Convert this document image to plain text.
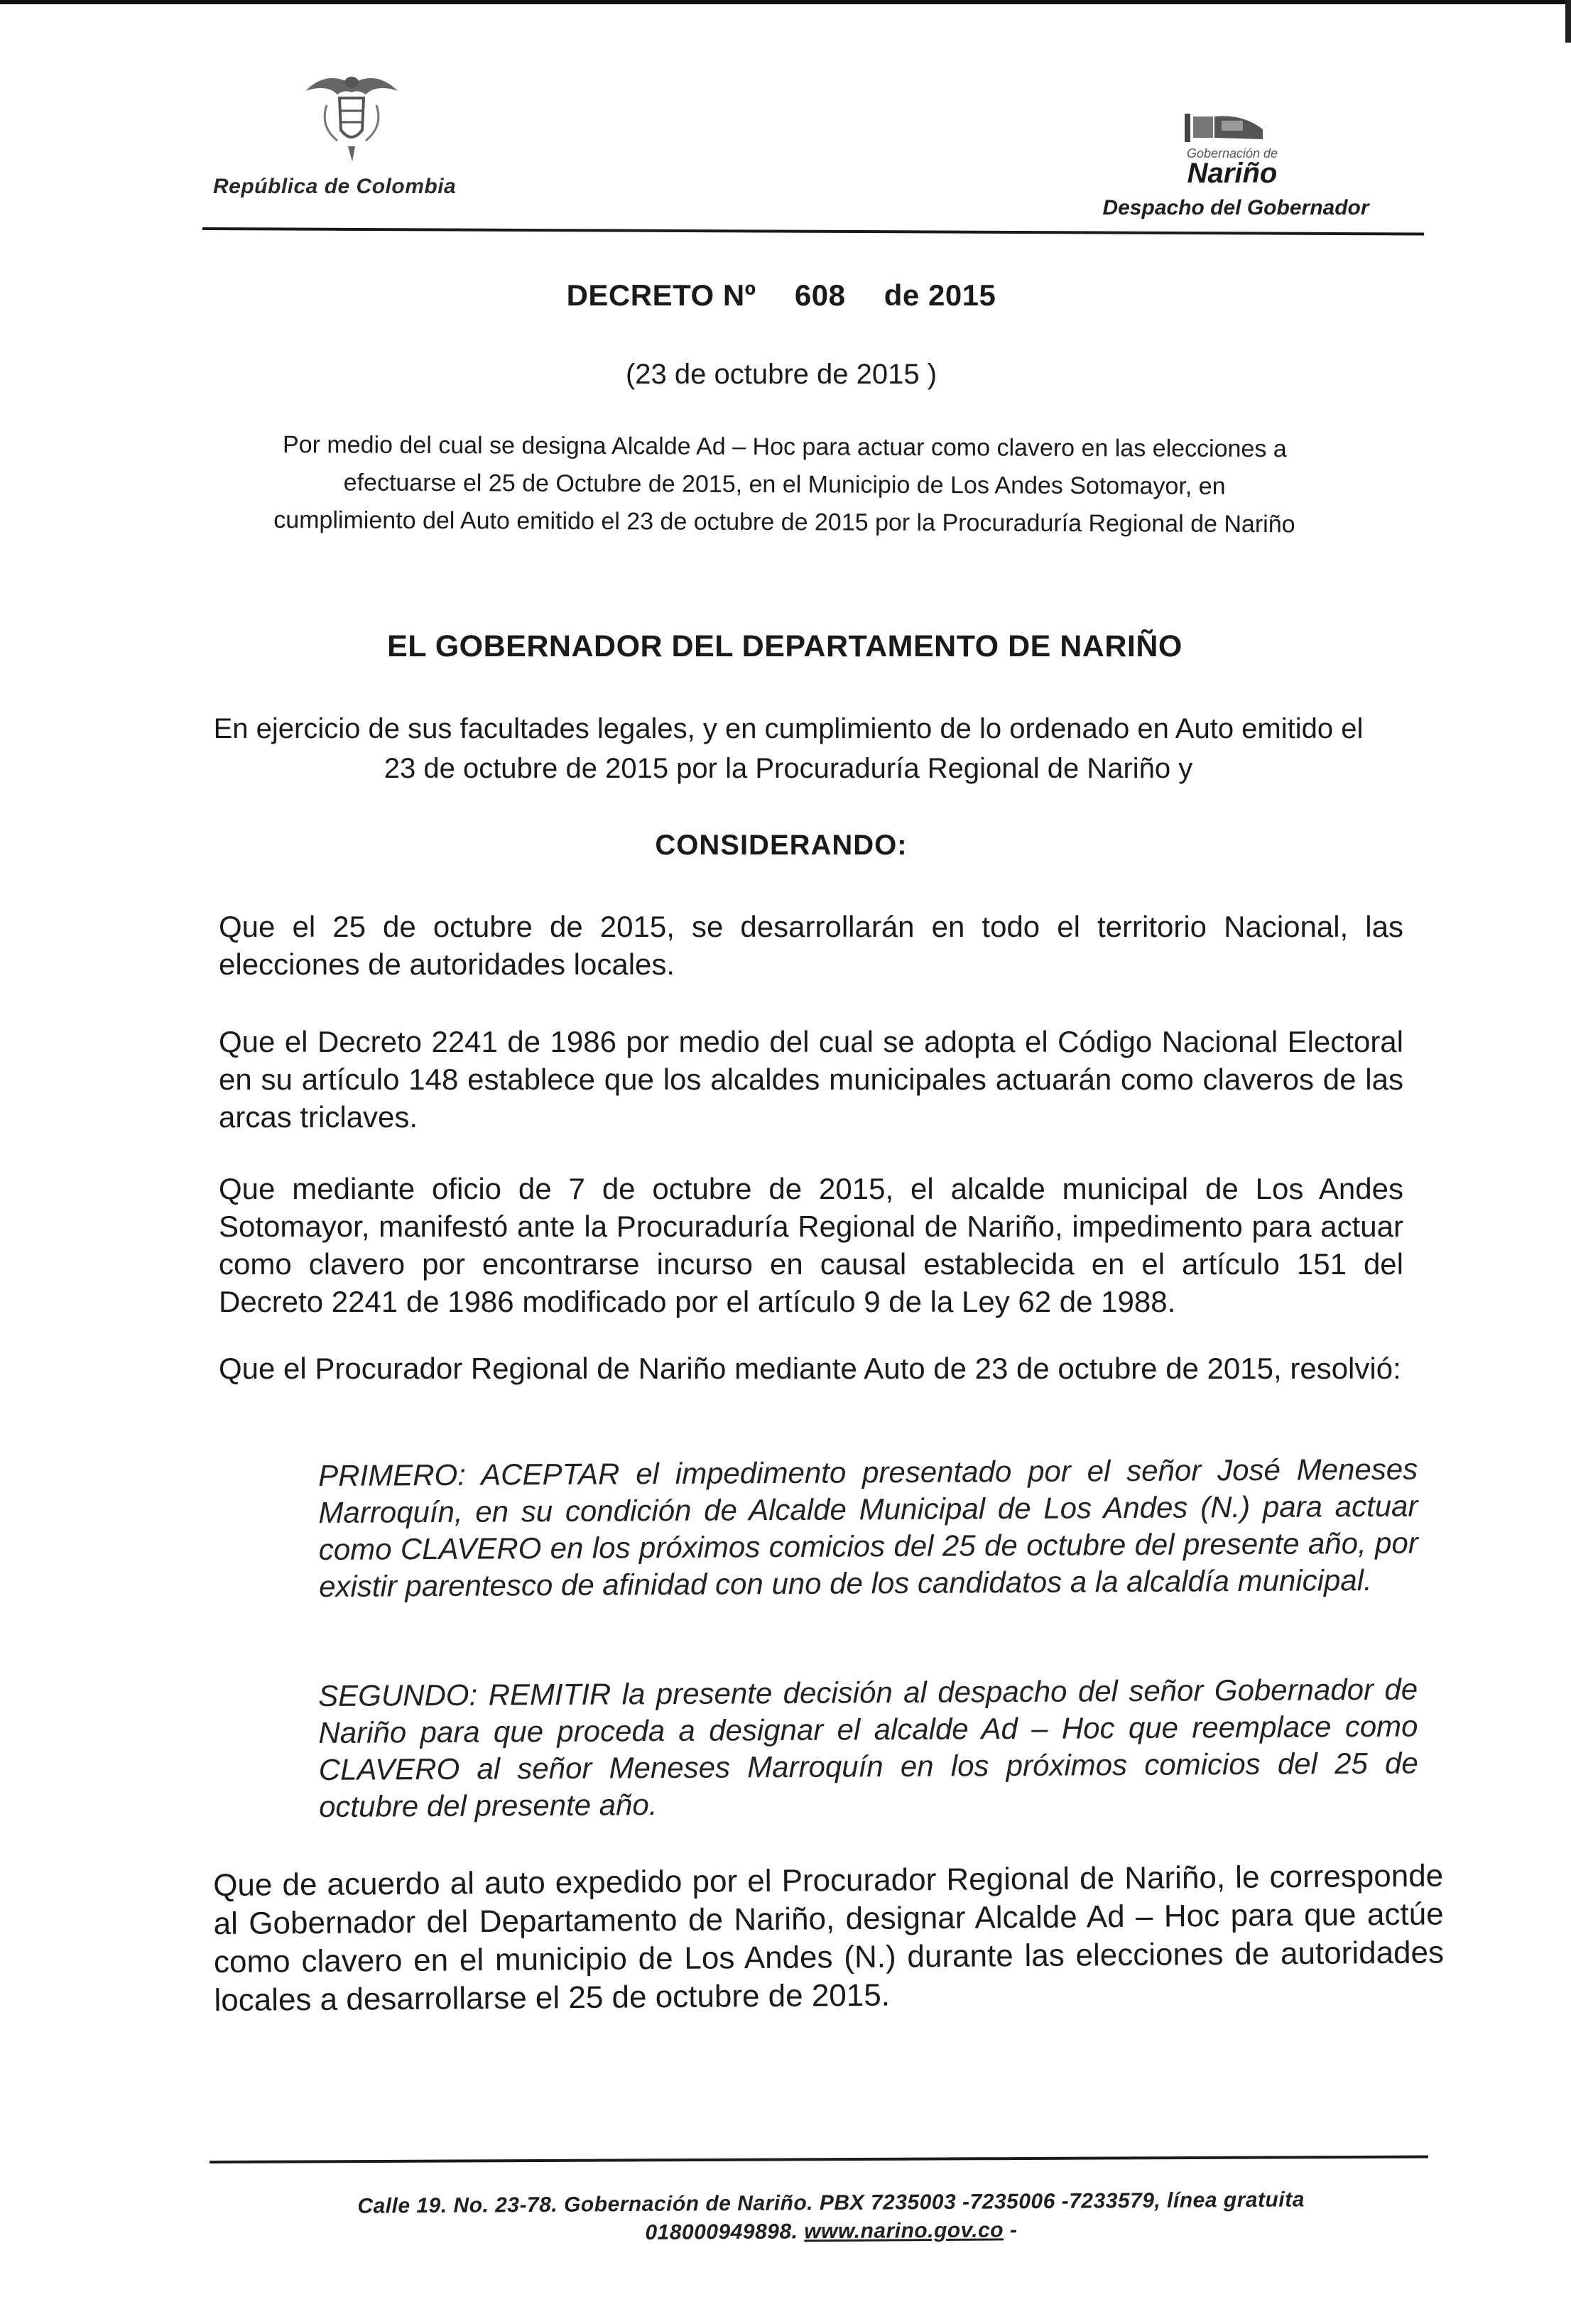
República de Colombia
Gobernación de
Nariño
Despacho del Gobernador
DECRETO Nº 608 de 2015
(23 de octubre de 2015 )
Por medio del cual se designa Alcalde Ad – Hoc para actuar como clavero en las elecciones a efectuarse el 25 de Octubre de 2015, en el Municipio de Los Andes Sotomayor, en cumplimiento del Auto emitido el 23 de octubre de 2015 por la Procuraduría Regional de Nariño
EL GOBERNADOR DEL DEPARTAMENTO DE NARIÑO
En ejercicio de sus facultades legales, y en cumplimiento de lo ordenado en Auto emitido el 23 de octubre de 2015 por la Procuraduría Regional de Nariño y
CONSIDERANDO:
Que el 25 de octubre de 2015, se desarrollarán en todo el territorio Nacional, las elecciones de autoridades locales.
Que el Decreto 2241 de 1986 por medio del cual se adopta el Código Nacional Electoral en su artículo 148 establece que los alcaldes municipales actuarán como claveros de las arcas triclaves.
Que mediante oficio de 7 de octubre de 2015, el alcalde municipal de Los Andes Sotomayor, manifestó ante la Procuraduría Regional de Nariño, impedimento para actuar como clavero por encontrarse incurso en causal establecida en el artículo 151 del Decreto 2241 de 1986 modificado por el artículo 9 de la Ley 62 de 1988.
Que el Procurador Regional de Nariño mediante Auto de 23 de octubre de 2015, resolvió:
PRIMERO: ACEPTAR el impedimento presentado por el señor José Meneses Marroquín, en su condición de Alcalde Municipal de Los Andes (N.) para actuar como CLAVERO en los próximos comicios del 25 de octubre del presente año, por existir parentesco de afinidad con uno de los candidatos a la alcaldía municipal.
SEGUNDO: REMITIR la presente decisión al despacho del señor Gobernador de Nariño para que proceda a designar el alcalde Ad – Hoc que reemplace como CLAVERO al señor Meneses Marroquín en los próximos comicios del 25 de octubre del presente año.
Que de acuerdo al auto expedido por el Procurador Regional de Nariño, le corresponde al Gobernador del Departamento de Nariño, designar Alcalde Ad – Hoc para que actúe como clavero en el municipio de Los Andes (N.) durante las elecciones de autoridades locales a desarrollarse el 25 de octubre de 2015.
Calle 19. No. 23-78. Gobernación de Nariño. PBX 7235003 -7235006 -7233579, línea gratuita
018000949898. www.narino.gov.co -
